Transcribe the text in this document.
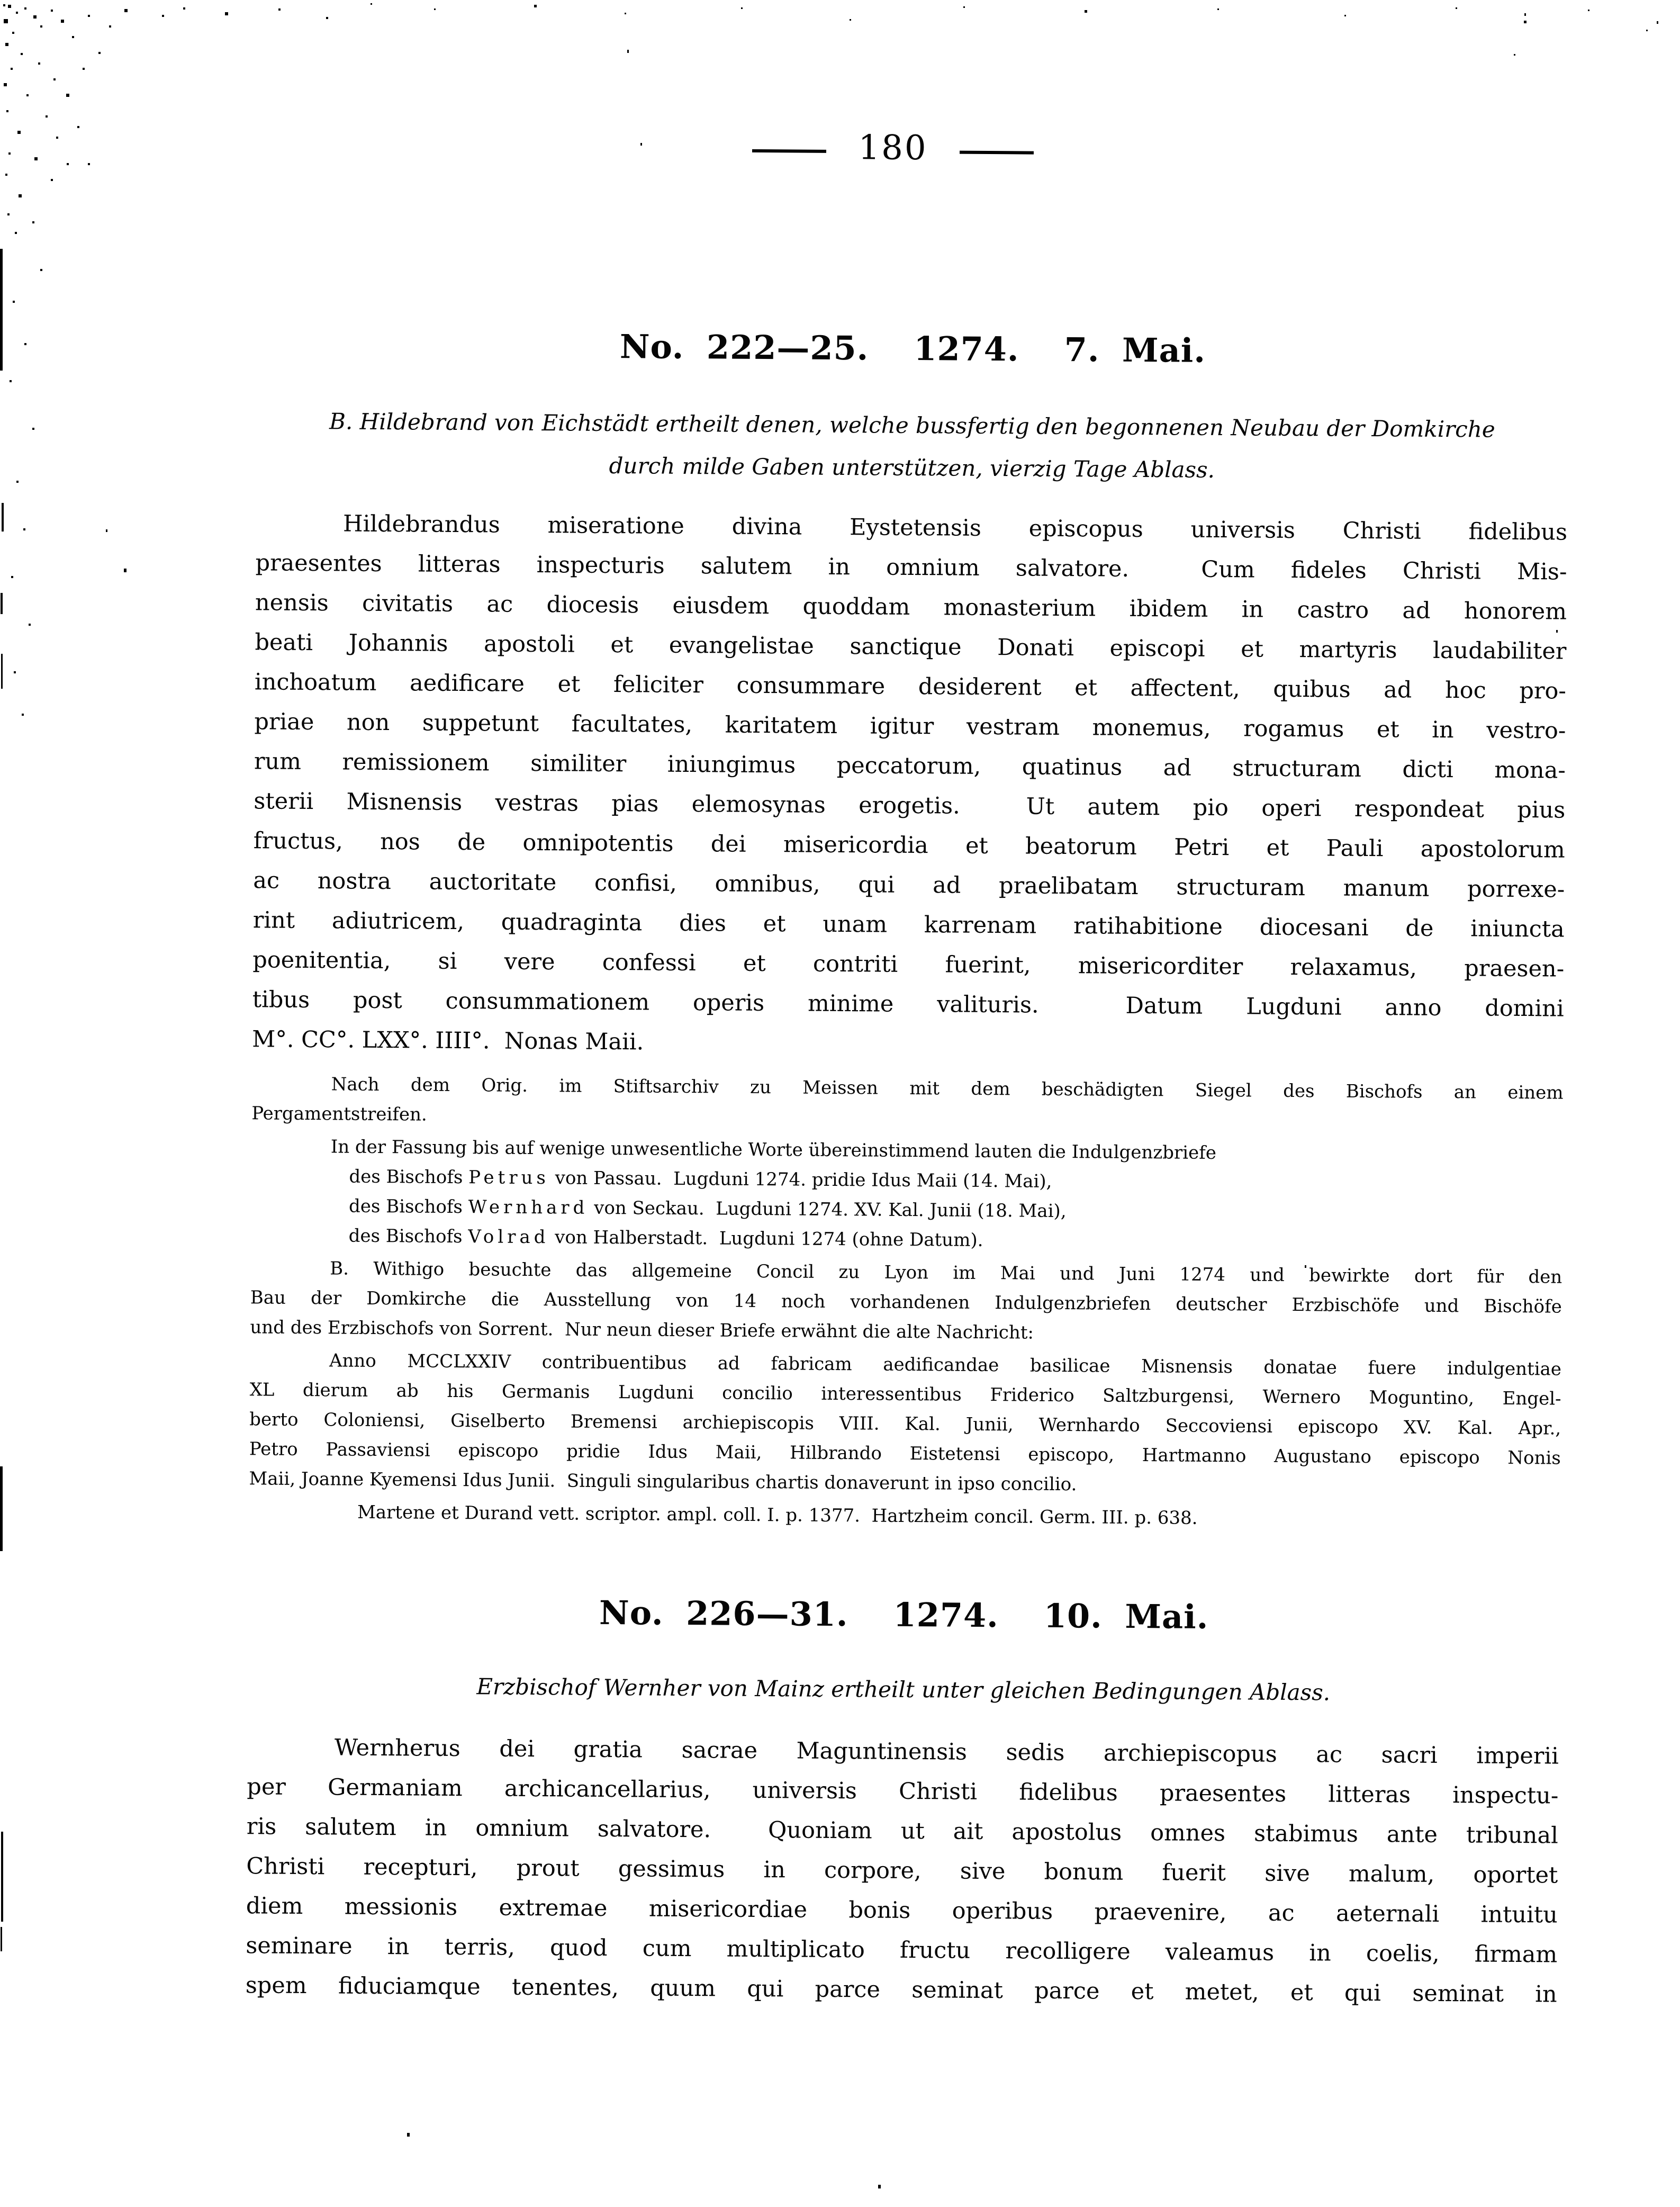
180
No. 222—25.  1274.  7. Mai.
B. Hildebrand von Eichstädt ertheilt denen, welche bussfertig den begonnenen Neubau der Domkirche
durch milde Gaben unterstützen, vierzig Tage Ablass.
Hildebrandus miseratione divina Eystetensis episcopus universis Christi fidelibus
praesentes litteras inspecturis salutem in omnium salvatore.  Cum fideles Christi Mis-
nensis civitatis ac diocesis eiusdem quoddam monasterium ibidem in castro ad honorem
beati Johannis apostoli et evangelistae sanctique Donati episcopi et martyris laudabiliter
inchoatum aedificare et feliciter consummare desiderent et affectent, quibus ad hoc pro-
priae non suppetunt facultates, karitatem igitur vestram monemus, rogamus et in vestro-
rum remissionem similiter iniungimus peccatorum, quatinus ad structuram dicti mona-
sterii Misnensis vestras pias elemosynas erogetis.  Ut autem pio operi respondeat pius
fructus, nos de omnipotentis dei misericordia et beatorum Petri et Pauli apostolorum
ac nostra auctoritate confisi, omnibus, qui ad praelibatam structuram manum porrexe-
rint adiutricem, quadraginta dies et unam karrenam ratihabitione diocesani de iniuncta
poenitentia, si vere confessi et contriti fuerint, misericorditer relaxamus, praesen-
tibus post consummationem operis minime valituris.  Datum Lugduni anno domini
M°. CC°. LXX°. IIII°.  Nonas Maii.
Nach dem Orig. im Stiftsarchiv zu Meissen mit dem beschädigten Siegel des Bischofs an einem
Pergamentstreifen.
In der Fassung bis auf wenige unwesentliche Worte übereinstimmend lauten die Indulgenzbriefe
des Bischofs Petrus von Passau.  Lugduni 1274. pridie Idus Maii (14. Mai),
des Bischofs Wernhard von Seckau.  Lugduni 1274. XV. Kal. Junii (18. Mai),
des Bischofs Volrad von Halberstadt.  Lugduni 1274 (ohne Datum).
B. Withigo besuchte das allgemeine Concil zu Lyon im Mai und Juni 1274 und bewirkte dort für den
Bau der Domkirche die Ausstellung von 14 noch vorhandenen Indulgenzbriefen deutscher Erzbischöfe und Bischöfe
und des Erzbischofs von Sorrent.  Nur neun dieser Briefe erwähnt die alte Nachricht:
Anno MCCLXXIV contribuentibus ad fabricam aedificandae basilicae Misnensis donatae fuere indulgentiae
XL dierum ab his Germanis Lugduni concilio interessentibus Friderico Saltzburgensi, Wernero Moguntino, Engel-
berto Coloniensi, Giselberto Bremensi archiepiscopis VIII. Kal. Junii, Wernhardo Seccoviensi episcopo XV. Kal. Apr.,
Petro Passaviensi episcopo pridie Idus Maii, Hilbrando Eistetensi episcopo, Hartmanno Augustano episcopo Nonis
Maii, Joanne Kyemensi Idus Junii.  Singuli singularibus chartis donaverunt in ipso concilio.
Martene et Durand vett. scriptor. ampl. coll. I. p. 1377.  Hartzheim concil. Germ. III. p. 638.
No. 226—31.  1274.  10. Mai.
Erzbischof Wernher von Mainz ertheilt unter gleichen Bedingungen Ablass.
Wernherus dei gratia sacrae Maguntinensis sedis archiepiscopus ac sacri imperii
per Germaniam archicancellarius, universis Christi fidelibus praesentes litteras inspectu-
ris salutem in omnium salvatore.  Quoniam ut ait apostolus omnes stabimus ante tribunal
Christi recepturi, prout gessimus in corpore, sive bonum fuerit sive malum, oportet
diem messionis extremae misericordiae bonis operibus praevenire, ac aeternali intuitu
seminare in terris, quod cum multiplicato fructu recolligere valeamus in coelis, firmam
spem fiduciamque tenentes, quum qui parce seminat parce et metet, et qui seminat in
